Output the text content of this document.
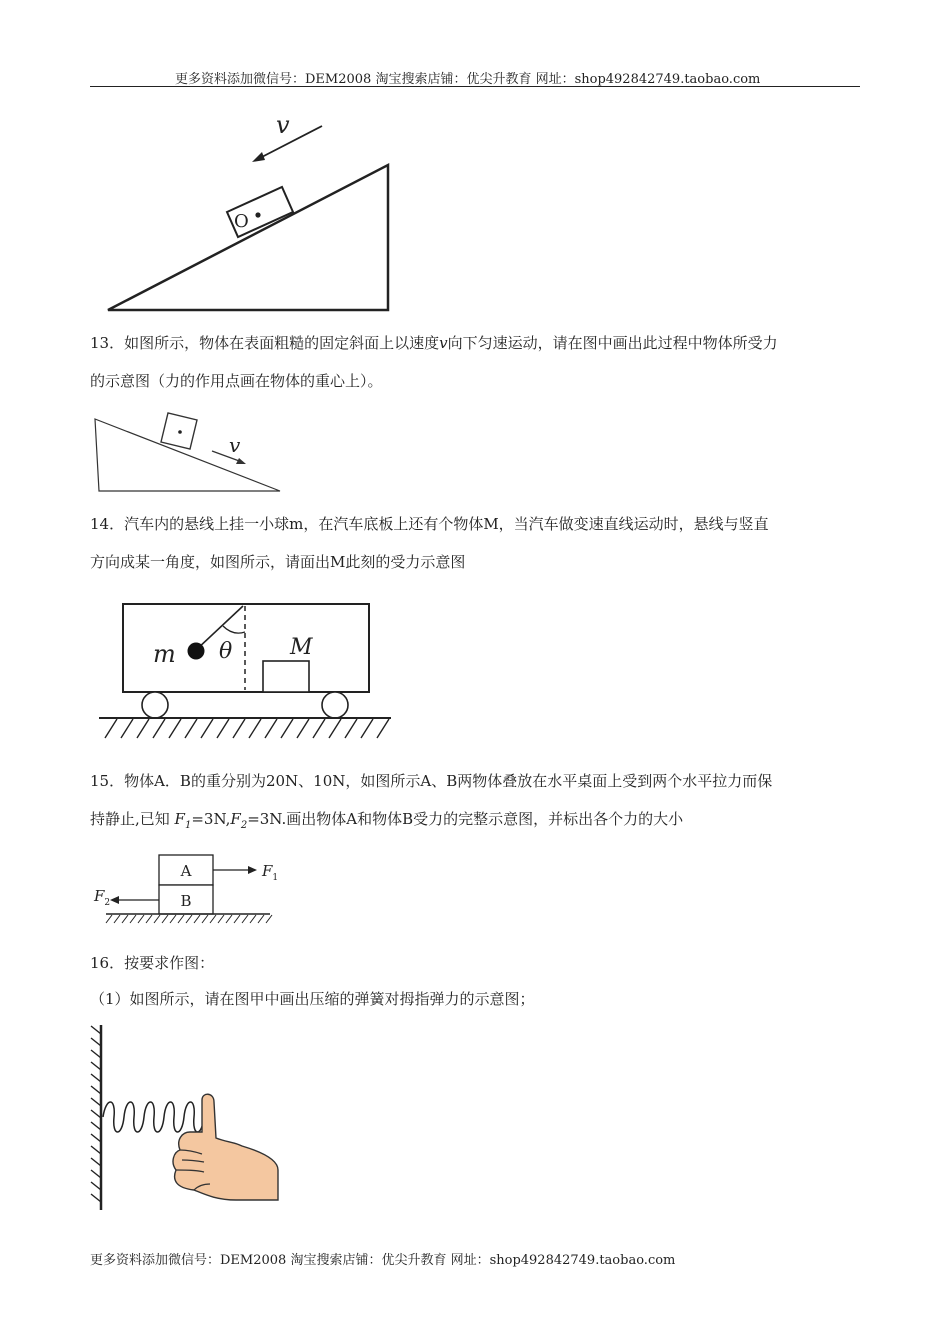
更多资料添加微信号：DEM2008 淘宝搜索店铺：优尖升教育 网址：shop492842749.taobao.com
O
v
13．如图所示，物体在表面粗糙的固定斜面上以速度v向下匀速运动，请在图中画出此过程中物体所受力
的示意图（力的作用点画在物体的重心上）。
v
14．汽车内的悬线上挂一小球m，在汽车底板上还有个物体M，当汽车做变速直线运动时，悬线与竖直
方向成某一角度，如图所示，请面出M此刻的受力示意图
m θ	M
15．物体A．B的重分别为20N、10N，如图所示A、B两物体叠放在水平桌面上受到两个水平拉力而保
持静止,已知 $F_1=3N,F_2=3N$.画出物体A和物体B受力的完整示意图，并标出各个力的大小
A
B
$F_1$
$F_2$
16．按要求作图：
（1）如图所示，请在图甲中画出压缩的弹簧对拇指弹力的示意图；
更多资料添加微信号：DEM2008 淘宝搜索店铺：优尖升教育 网址：shop492842749.taobao.com
